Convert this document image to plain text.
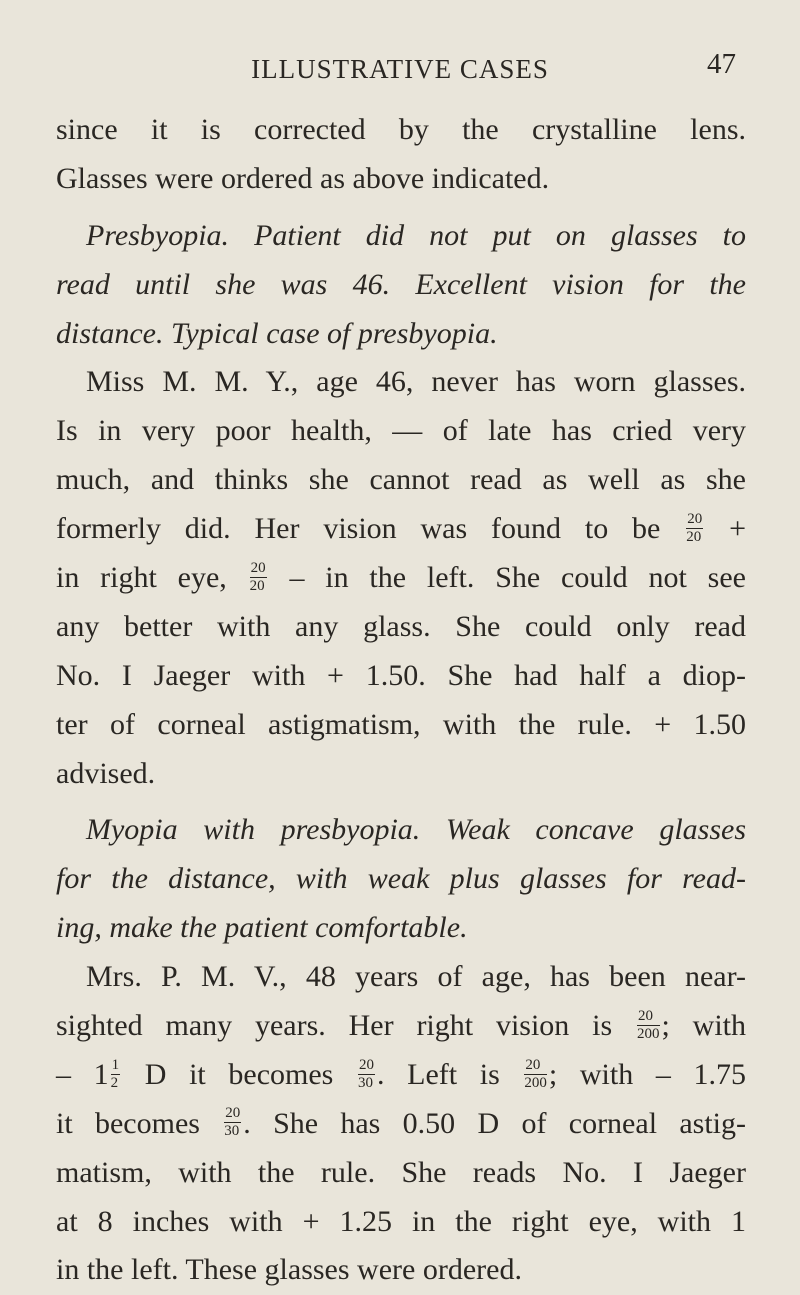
ILLUSTRATIVE CASES	47
since it is corrected by the crystalline lens.
Glasses were ordered as above indicated.
Presbyopia. Patient did not put on glasses to
read until she was 46. Excellent vision for the
distance. Typical case of presbyopia.
Miss M. M. Y., age 46, never has worn glasses.
Is in very poor health, — of late has cried very
much, and thinks she cannot read as well as she
formerly did. Her vision was found to be $\frac{20}{20}$ +
in right eye, $\frac{20}{20}$ – in the left. She could not see
any better with any glass. She could only read
No. I Jaeger with + 1.50. She had half a diop-
ter of corneal astigmatism, with the rule. + 1.50
advised.
Myopia with presbyopia. Weak concave glasses
for the distance, with weak plus glasses for read-
ing, make the patient comfortable.
Mrs. P. M. V., 48 years of age, has been near-
sighted many years. Her right vision is $\frac{20}{200}$ ; with
– $1 \frac{1}{2}$ D it becomes $\frac{20}{30}$ . Left is $\frac{20}{200}$ ; with – 1.75
it becomes $\frac{20}{30}$ . She has 0.50 D of corneal astig-
matism, with the rule. She reads No. I Jaeger
at 8 inches with + 1.25 in the right eye, with 1
in the left. These glasses were ordered.
